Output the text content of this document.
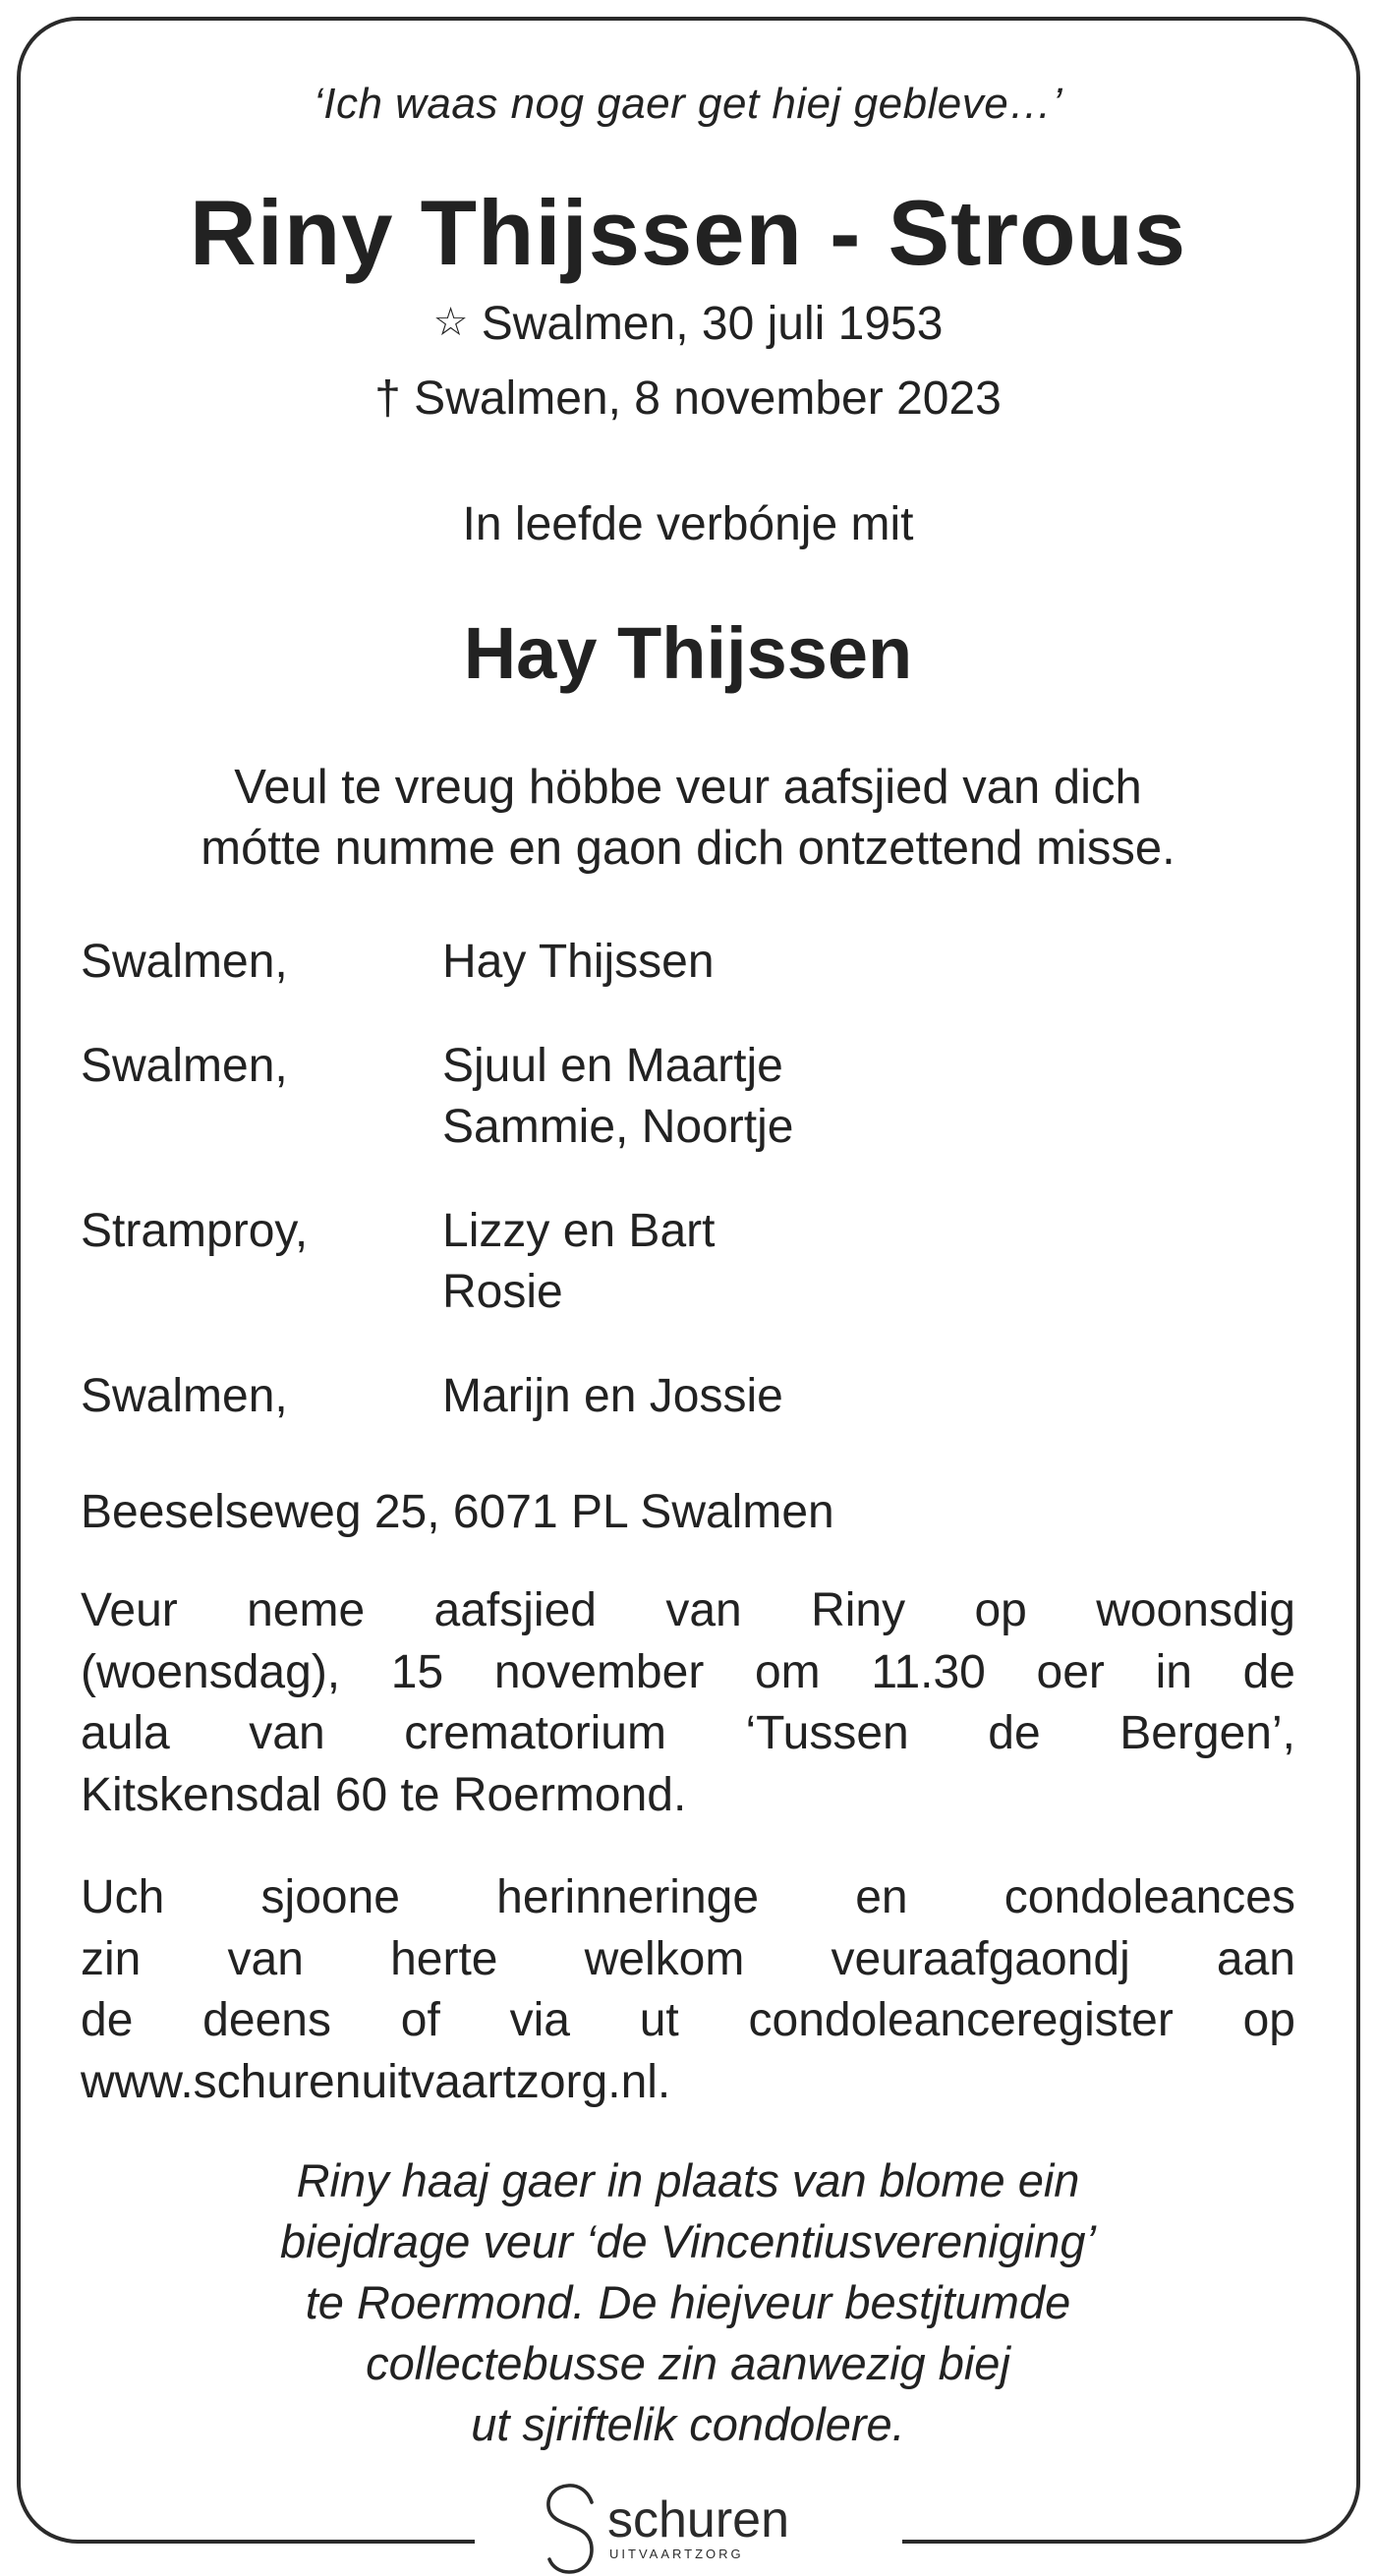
‘Ich waas nog gaer get hiej gebleve…’
Riny Thijssen - Strous
☆ Swalmen, 30 juli 1953
† Swalmen, 8 november 2023
In leefde verbónje mit
Hay Thijssen
Veul te vreug höbbe veur aafsjied van dich
mótte numme en gaon dich ontzettend misse.
Swalmen,	Hay Thijssen
Swalmen,	Sjuul en Maartje
Sammie, Noortje
Stramproy,	Lizzy en Bart
Rosie
Swalmen,	Marijn en Jossie
Beeselseweg 25, 6071 PL Swalmen
Veur neme aafsjied van Riny op woonsdig
(woensdag), 15 november om 11.30 oer in de
aula van crematorium ‘Tussen de Bergen’,
Kitskensdal 60 te Roermond.
Uch sjoone herinneringe en condoleances
zin van herte welkom veuraafgaondj aan
de deens of via ut condoleanceregister op
www.schurenuitvaartzorg.nl.
Riny haaj gaer in plaats van blome ein
biejdrage veur ‘de Vincentiusvereniging’
te Roermond. De hiejveur bestjtumde
collectebusse zin aanwezig biej
ut sjriftelik condolere.
schuren
UITVAARTZORG
